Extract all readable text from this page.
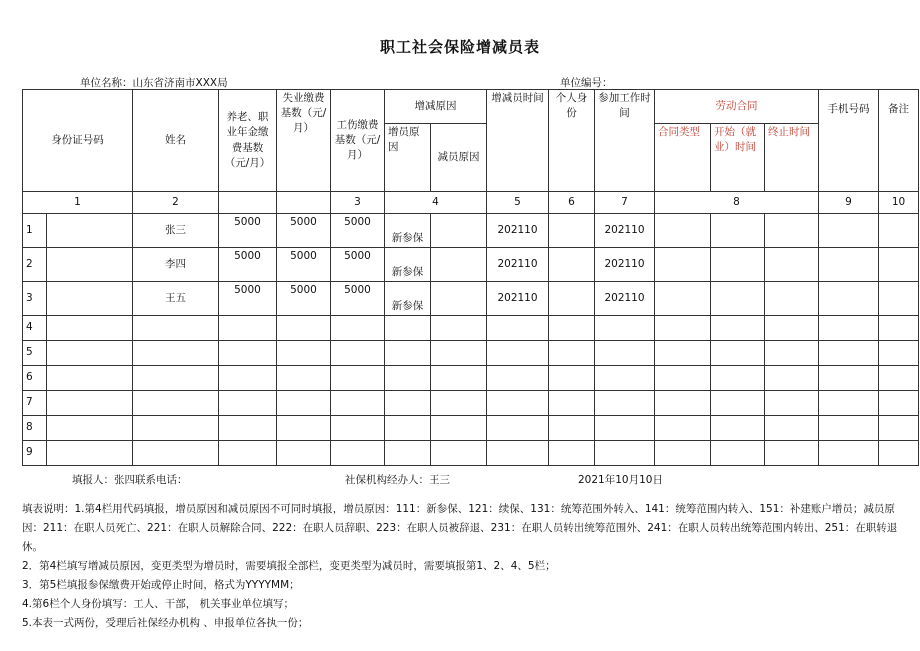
职工社会保险增减员表
单位名称：山东省济南市XXX局	单位编号：
身份证号码		姓名	养老、职业年金缴费基数（元/月）	失业缴费基数（元/月）	工伤缴费基数（元/月）	增减原因		增减员时间	个人身份	参加工作时间	劳动合同			手机号码	备注
						增员原因	减员原因				合同类型	开始（就业）时间	终止时间		
1		2			3	4		5	6	7	8			9	10
1		张三	5000	5000	5000	新参保		202110		202110					
2		李四	5000	5000	5000	新参保		202110		202110					
3		王五	5000	5000	5000	新参保		202110		202110					
4															
5															
6															
7															
8															
9															
填报人：张四联系电话：	社保机构经办人：王三	2021年10月10日

填表说明：1.第4栏用代码填报，增员原因和减员原因不可同时填报，增员原因：111：新参保、121：续保、131：统筹范围外转入、141：统筹范围内转入、151：补建账户增员；减员原因：211：在职人员死亡、221：在职人员解除合同、222：在职人员辞职、223：在职人员被辞退、231：在职人员转出统筹范围外、241：在职人员转出统筹范围内转出、251：在职转退休。

2．第4栏填写增减员原因，变更类型为增员时，需要填报全部栏，变更类型为减员时，需要填报第1、2、4、5栏；

3．第5栏填报参保缴费开始或停止时间，格式为YYYYMM；

4.第6栏个人身份填写：工人、干部， 机关事业单位填写；

5.本表一式两份，受理后社保经办机构 、申报单位各执一份；
